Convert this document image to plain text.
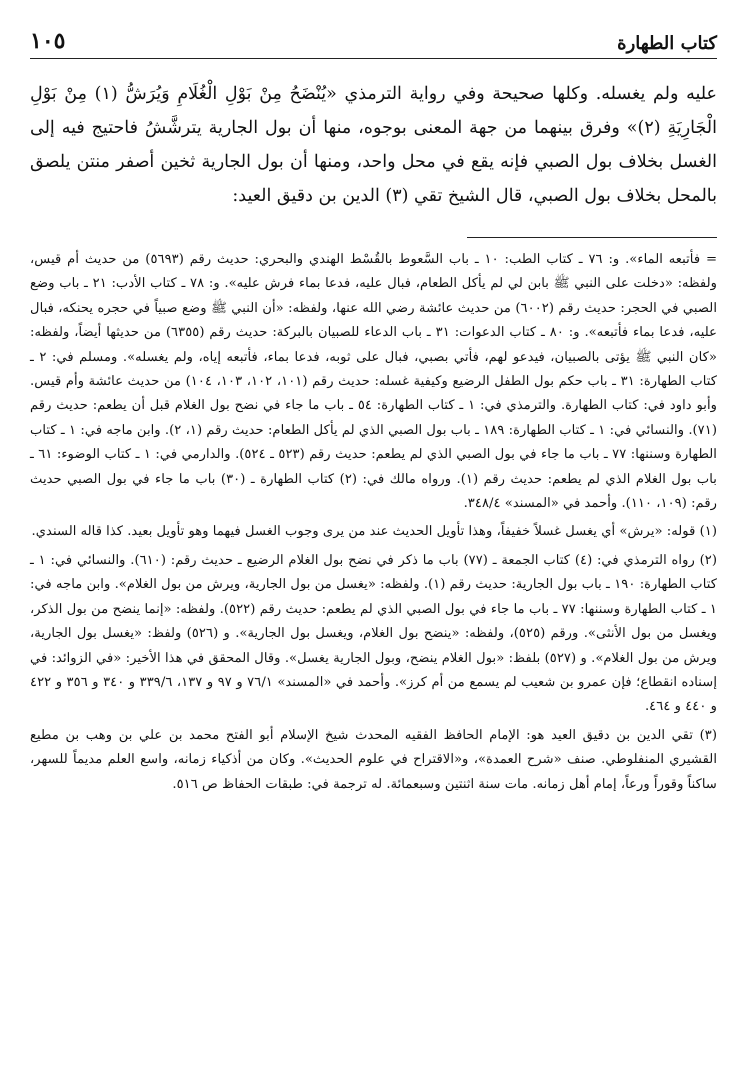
كتاب الطهارة
١٠٥

عليه ولم يغسله. وكلها صحيحة وفي رواية الترمذي «يُنْضَحُ مِنْ بَوْلِ الْغُلَامِ وَيُرَشُّ (١) مِنْ بَوْلِ الْجَارِيَةِ (٢)» وفرق بينهما من جهة المعنى بوجوه، منها أن بول الجارية يترشَّشُ فاحتيج فيه إلى الغسل بخلاف بول الصبي فإنه يقع في محل واحد، ومنها أن بول الجارية ثخين أصفر منتن يلصق بالمحل بخلاف بول الصبي، قال الشيخ تقي (٣) الدين بن دقيق العيد:

= فأتبعه الماء». و: ٧٦ ـ كتاب الطب: ١٠ ـ باب السَّعوط بالقُسْط الهندي والبحري: حديث رقم (٥٦٩٣) من حديث أم قيس، ولفظه: «دخلت على النبي ﷺ بابن لي لم يأكل الطعام، فبال عليه، فدعا بماء فرش عليه». و: ٧٨ ـ كتاب الأدب: ٢١ ـ باب وضع الصبي في الحجر: حديث رقم (٦٠٠٢) من حديث عائشة رضي الله عنها، ولفظه: «أن النبي ﷺ وضع صبياً في حجره يحنكه، فبال عليه، فدعا بماء فأتبعه». و: ٨٠ ـ كتاب الدعوات: ٣١ ـ باب الدعاء للصبيان بالبركة: حديث رقم (٦٣٥٥) من حديثها أيضاً، ولفظه: «كان النبي ﷺ يؤتى بالصبيان، فيدعو لهم، فأتي بصبي، فبال على ثوبه، فدعا بماء، فأتبعه إياه، ولم يغسله». ومسلم في: ٢ ـ كتاب الطهارة: ٣١ ـ باب حكم بول الطفل الرضيع وكيفية غسله: حديث رقم (١٠١، ١٠٢، ١٠٣، ١٠٤) من حديث عائشة وأم قيس. وأبو داود في: كتاب الطهارة. والترمذي في: ١ ـ كتاب الطهارة: ٥٤ ـ باب ما جاء في نضح بول الغلام قبل أن يطعم: حديث رقم (٧١). والنسائي في: ١ ـ كتاب الطهارة: ١٨٩ ـ باب بول الصبي الذي لم يأكل الطعام: حديث رقم (١، ٢). وابن ماجه في: ١ ـ كتاب الطهارة وسننها: ٧٧ ـ باب ما جاء في بول الصبي الذي لم يطعم: حديث رقم (٥٢٣ ـ ٥٢٤). والدارمي في: ١ ـ كتاب الوضوء: ٦١ ـ باب بول الغلام الذي لم يطعم: حديث رقم (١). ورواه مالك في: (٢) كتاب الطهارة ـ (٣٠) باب ما جاء في بول الصبي حديث رقم: (١٠٩، ١١٠). وأحمد في «المسند» ٣٤٨/٤.

(١) قوله: «يرش» أي يغسل غسلاً خفيفاً، وهذا تأويل الحديث عند من يرى وجوب الغسل فيهما وهو تأويل بعيد. كذا قاله السندي.

(٢) رواه الترمذي في: (٤) كتاب الجمعة ـ (٧٧) باب ما ذكر في نضح بول الغلام الرضيع ـ حديث رقم: (٦١٠). والنسائي في: ١ ـ كتاب الطهارة: ١٩٠ ـ باب بول الجارية: حديث رقم (١). ولفظه: «يغسل من بول الجارية، ويرش من بول الغلام». وابن ماجه في: ١ ـ كتاب الطهارة وسننها: ٧٧ ـ باب ما جاء في بول الصبي الذي لم يطعم: حديث رقم (٥٢٢). ولفظه: «إنما ينضح من بول الذكر، ويغسل من بول الأنثى». ورقم (٥٢٥)، ولفظه: «ينضح بول الغلام، ويغسل بول الجارية». و (٥٢٦) ولفظ: «يغسل بول الجارية، ويرش من بول الغلام». و (٥٢٧) بلفظ: «بول الغلام ينضح، وبول الجارية يغسل». وقال المحقق في هذا الأخير: «في الزوائد: في إسناده انقطاع؛ فإن عمرو بن شعيب لم يسمع من أم كرز». وأحمد في «المسند» ٧٦/١ و ٩٧ و ١٣٧، ٣٣٩/٦ و ٣٤٠ و ٣٥٦ و ٤٢٢ و ٤٤٠ و ٤٦٤.

(٣) تقي الدين بن دقيق العيد هو: الإمام الحافظ الفقيه المحدث شيخ الإسلام أبو الفتح محمد بن علي بن وهب بن مطيع القشيري المنفلوطي. صنف «شرح العمدة»، و«الاقتراح في علوم الحديث». وكان من أذكياء زمانه، واسع العلم مديماً للسهر، ساكناً وقوراً ورعاً، إمام أهل زمانه. مات سنة اثنتين وسبعمائة. له ترجمة في: طبقات الحفاظ ص ٥١٦.
